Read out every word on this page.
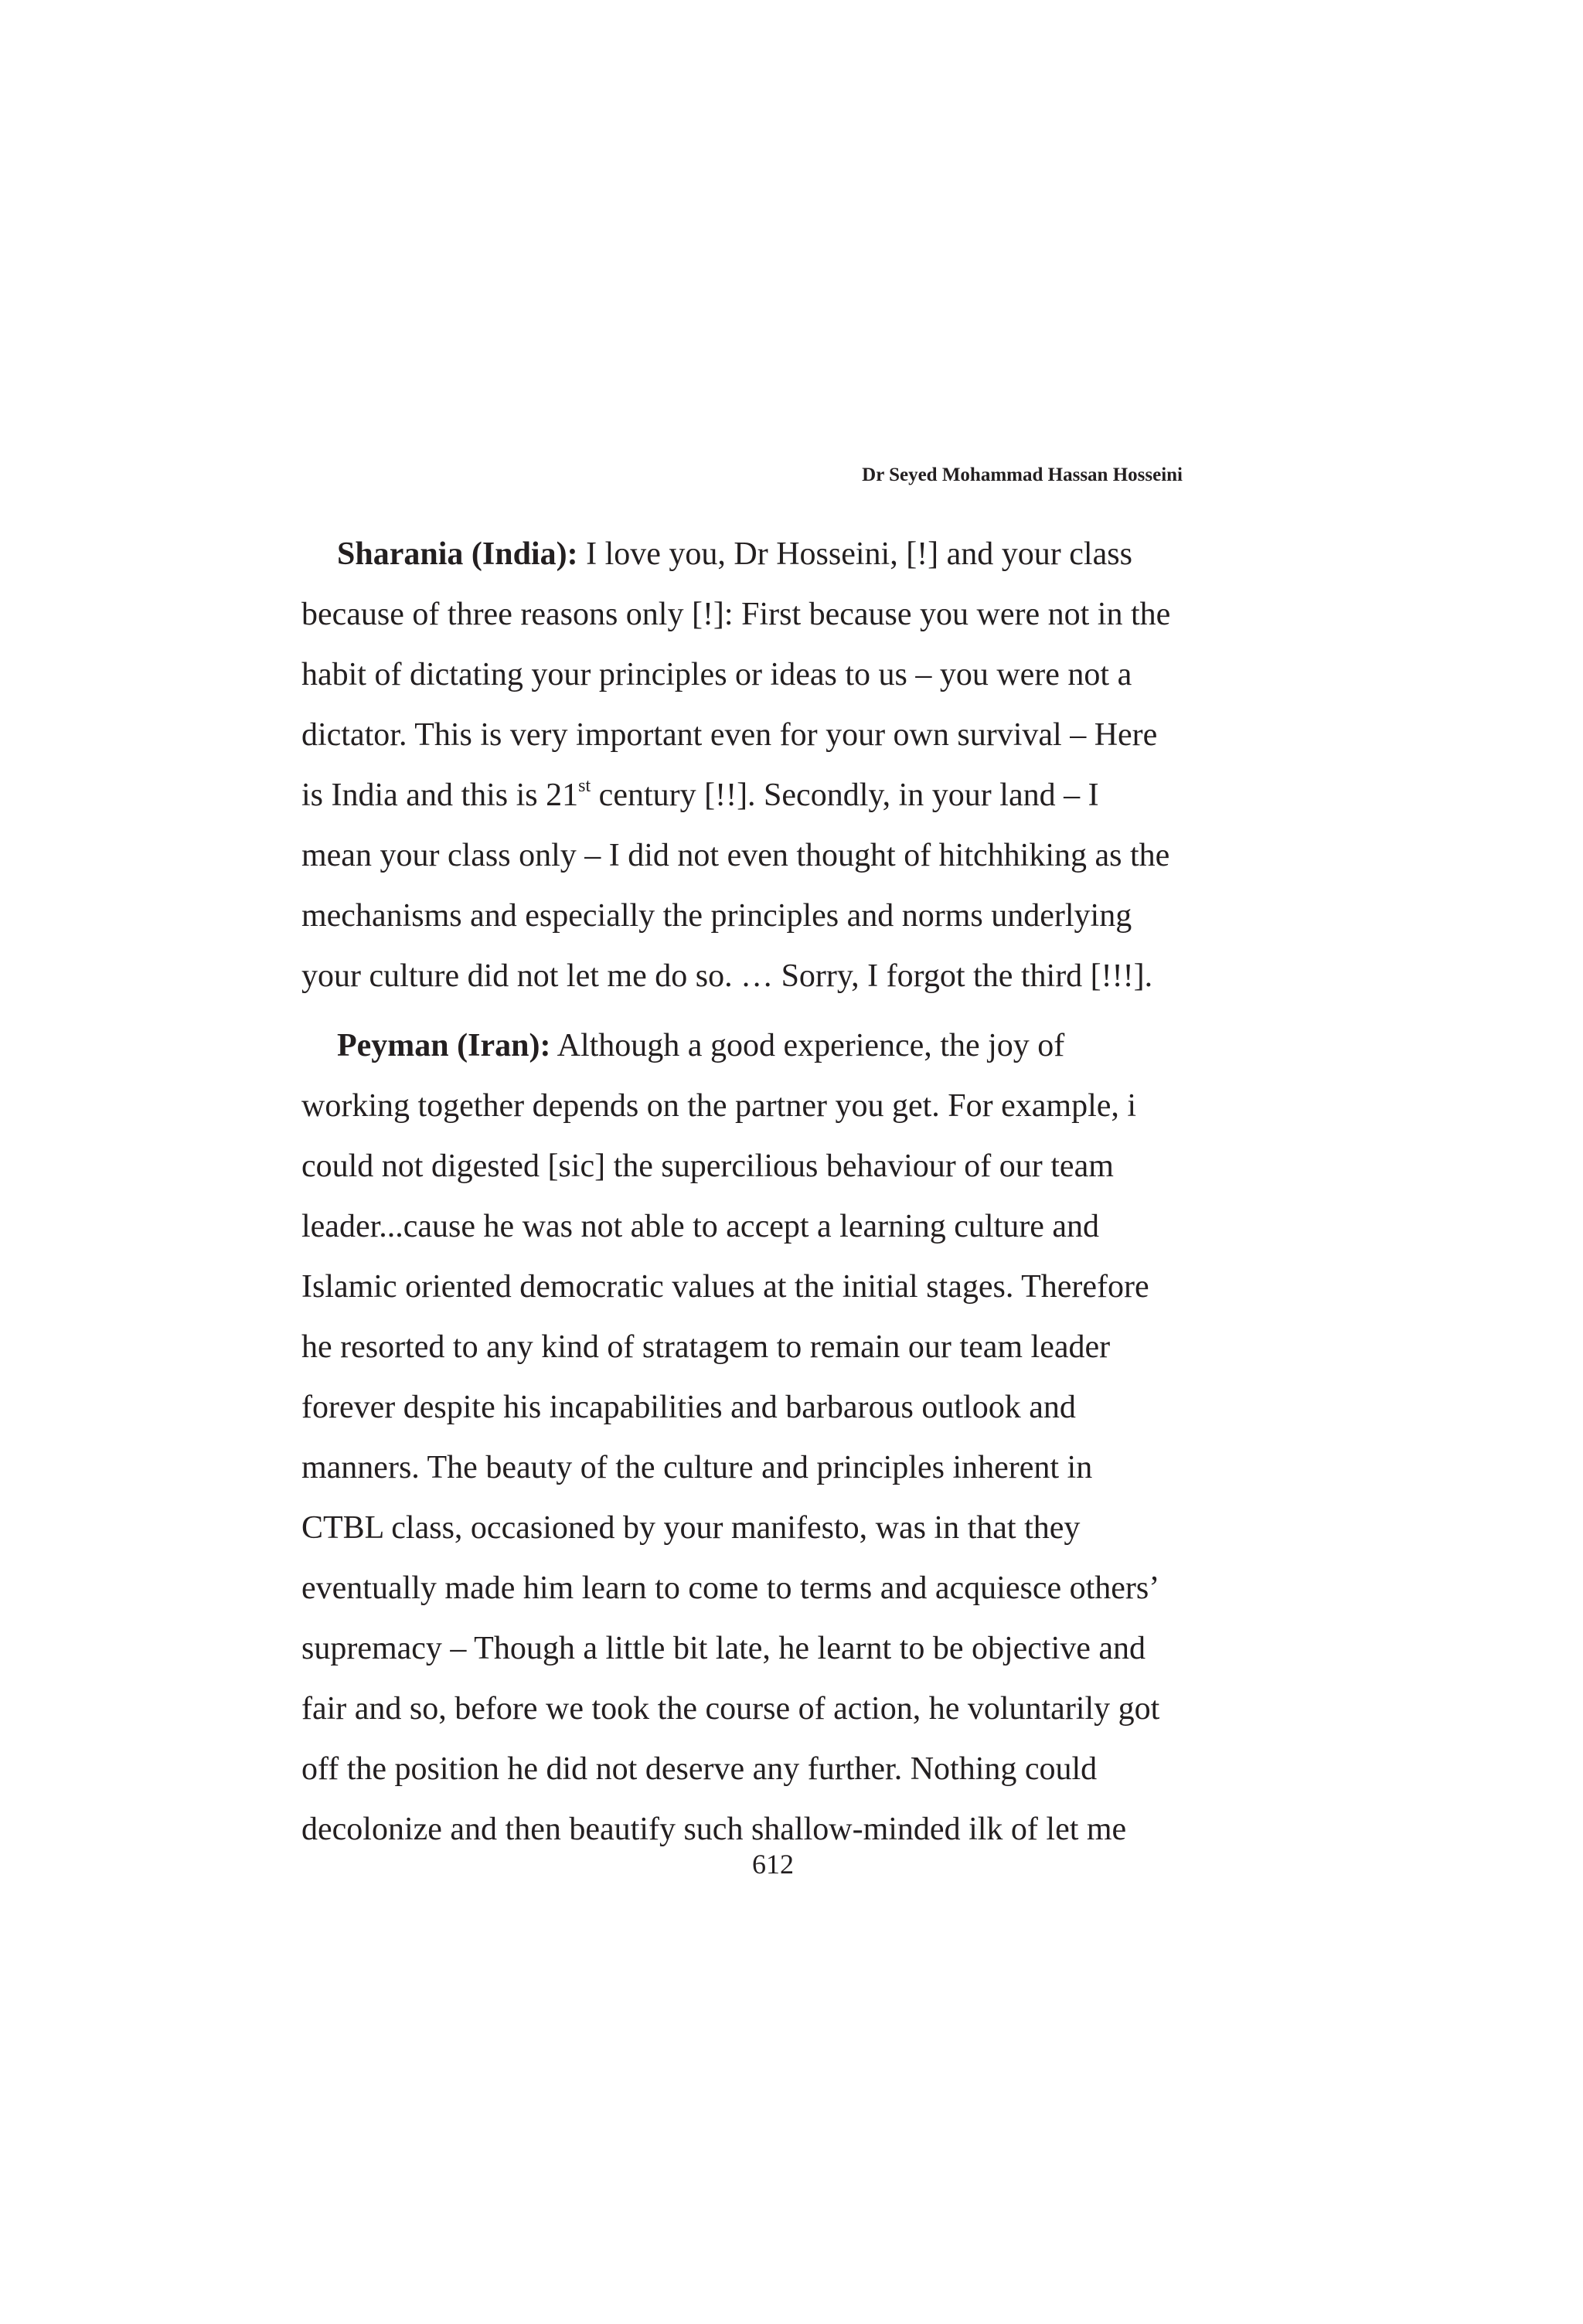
Dr Seyed Mohammad Hassan Hosseini
Sharania (India): I love you, Dr Hosseini, [!] and your class
because of three reasons only [!]: First because you were not in the
habit of dictating your principles or ideas to us – you were not a
dictator. This is very important even for your own survival – Here
is India and this is 21st century [!!]. Secondly, in your land – I
mean your class only – I did not even thought of hitchhiking as the
mechanisms and especially the principles and norms underlying
your culture did not let me do so. … Sorry, I forgot the third [!!!].
Peyman (Iran): Although a good experience, the joy of
working together depends on the partner you get. For example, i
could not digested [sic] the supercilious behaviour of our team
leader...cause he was not able to accept a learning culture and
Islamic oriented democratic values at the initial stages. Therefore
he resorted to any kind of stratagem to remain our team leader
forever despite his incapabilities and barbarous outlook and
manners. The beauty of the culture and principles inherent in
CTBL class, occasioned by your manifesto, was in that they
eventually made him learn to come to terms and acquiesce others’
supremacy – Though a little bit late, he learnt to be objective and
fair and so, before we took the course of action, he voluntarily got
off the position he did not deserve any further. Nothing could
decolonize and then beautify such shallow-minded ilk of let me
612
